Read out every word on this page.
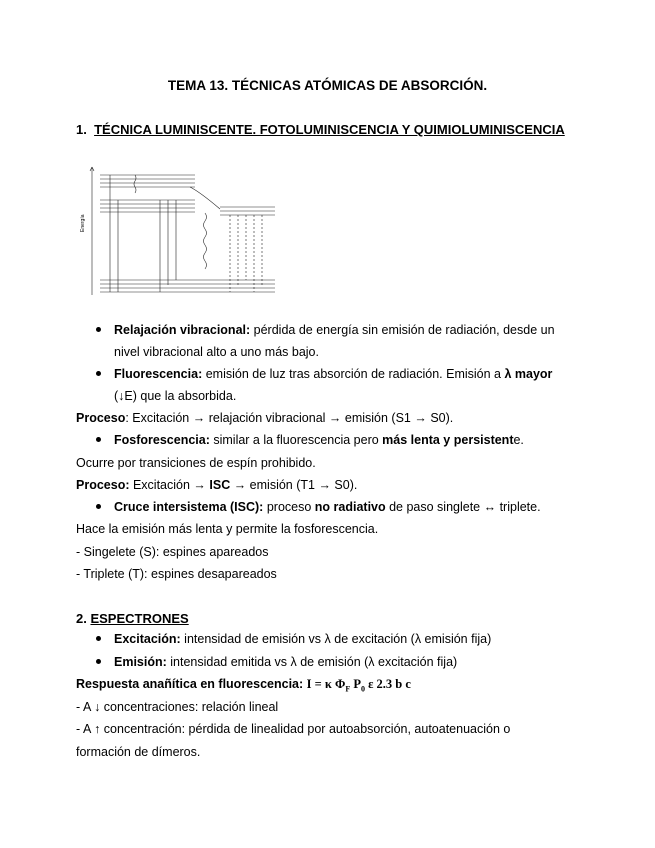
TEMA 13. TÉCNICAS ATÓMICAS DE ABSORCIÓN.
1. TÉCNICA LUMINISCENTE. FOTOLUMINISCENCIA Y QUIMIOLUMINISCENCIA
Energía
Relajación vibracional: pérdida de energía sin emisión de radiación, desde un
nivel vibracional alto a uno más bajo.
Fluorescencia: emisión de luz tras absorción de radiación. Emisión a λ mayor
(↓E) que la absorbida.
Proceso: Excitación → relajación vibracional → emisión (S1 → S0).
Fosforescencia: similar a la fluorescencia pero más lenta y persistente.
Ocurre por transiciones de espín prohibido.
Proceso: Excitación → ISC → emisión (T1 → S0).
Cruce intersistema (ISC): proceso no radiativo de paso singlete ↔ triplete.
Hace la emisión más lenta y permite la fosforescencia.
- Singelete (S): espines apareados
- Triplete (T): espines desapareados
2. ESPECTRONES
Excitación: intensidad de emisión vs λ de excitación (λ emisión fija)
Emisión: intensidad emitida vs λ de emisión (λ excitación fija)
Respuesta anañítica en fluorescencia: I = κ $\Phi_F$ $P_0$ ε 2.3 b c
- A ↓ concentraciones: relación lineal
- A ↑ concentración: pérdida de linealidad por autoabsorción, autoatenuación o
formación de dímeros.
